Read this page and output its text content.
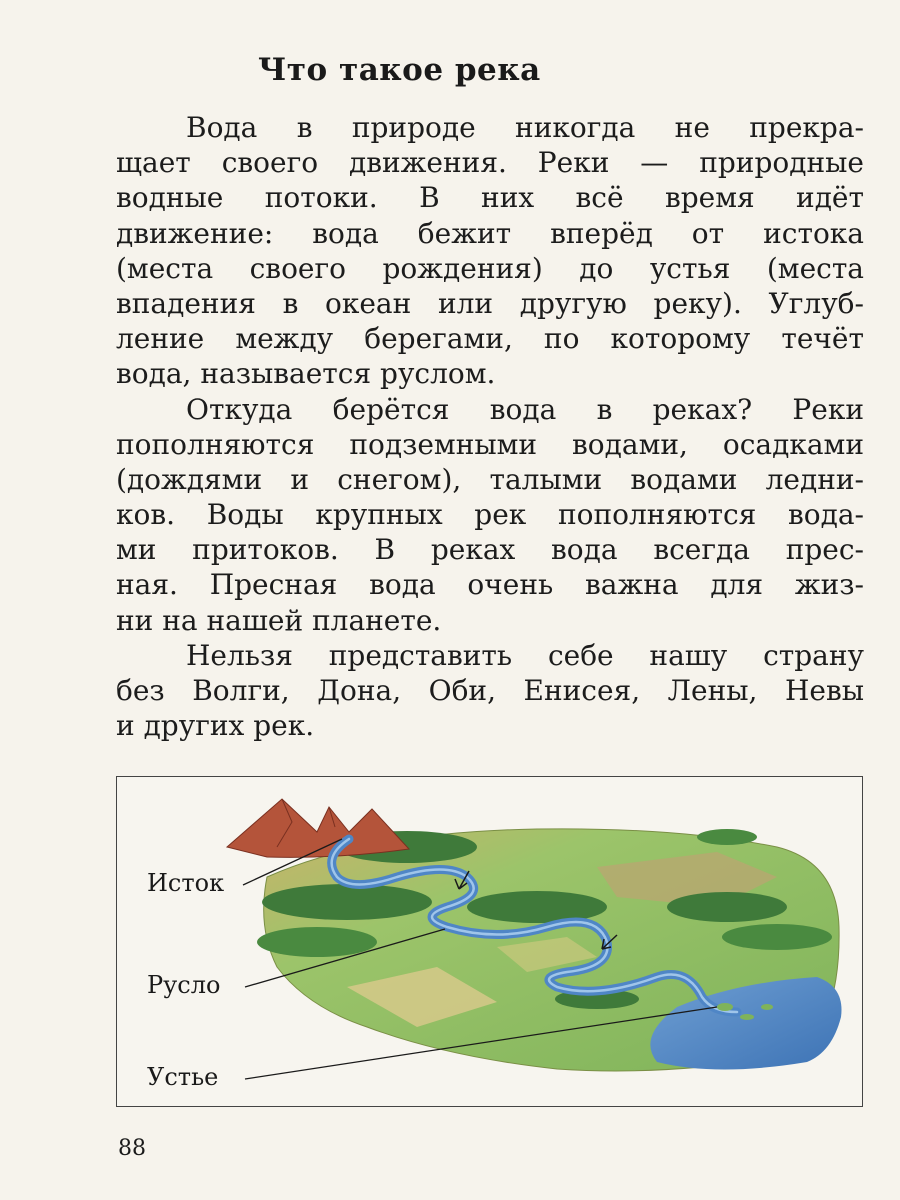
Что такое река
Вода в природе никогда не прекра-
щает своего движения. Реки — природные
водные потоки. В них всё время идёт
движение: вода бежит вперёд от истока
(места своего рождения) до устья (места
впадения в океан или другую реку). Углуб-
ление между берегами, по которому течёт
вода, называется руслом.
Откуда берётся вода в реках? Реки
пополняются подземными водами, осадками
(дождями и снегом), талыми водами ледни-
ков. Воды крупных рек пополняются вода-
ми притоков. В реках вода всегда прес-
ная. Пресная вода очень важна для жиз-
ни на нашей планете.
Нельзя представить себе нашу страну
без Волги, Дона, Оби, Енисея, Лены, Невы
и других рек.
Исток
Русло
Устье
88
